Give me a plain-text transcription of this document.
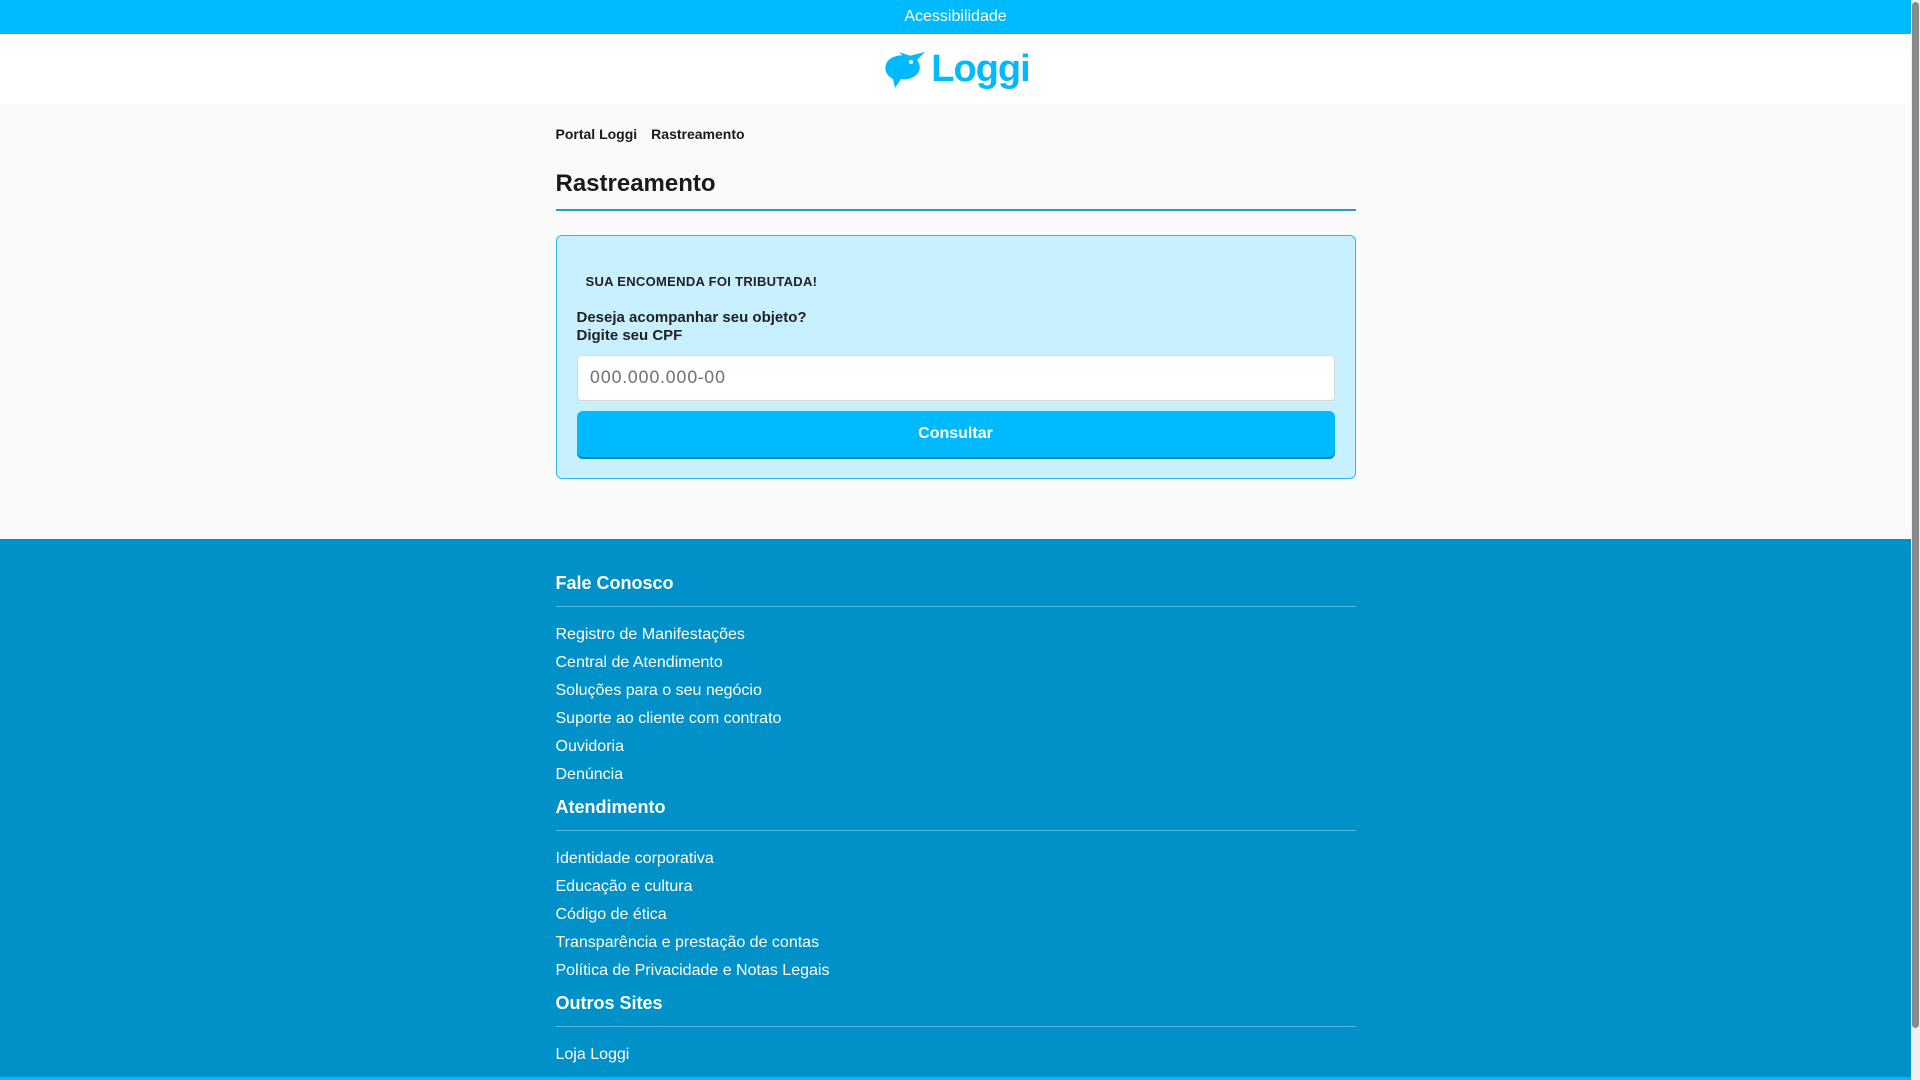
Acessibilidade
Loggi
Portal Loggi Rastreamento
Rastreamento
SUA ENCOMENDA FOI TRIBUTADA!
Deseja acompanhar seu objeto?
Digite seu CPF
000.000.000-00 Consultar
Fale Conosco
Registro de Manifestações
Central de Atendimento
Soluções para o seu negócio
Suporte ao cliente com contrato
Ouvidoria
Denúncia
Atendimento
Identidade corporativa
Educação e cultura
Código de ética
Transparência e prestação de contas
Política de Privacidade e Notas Legais
Outros Sites
Loja Loggi
